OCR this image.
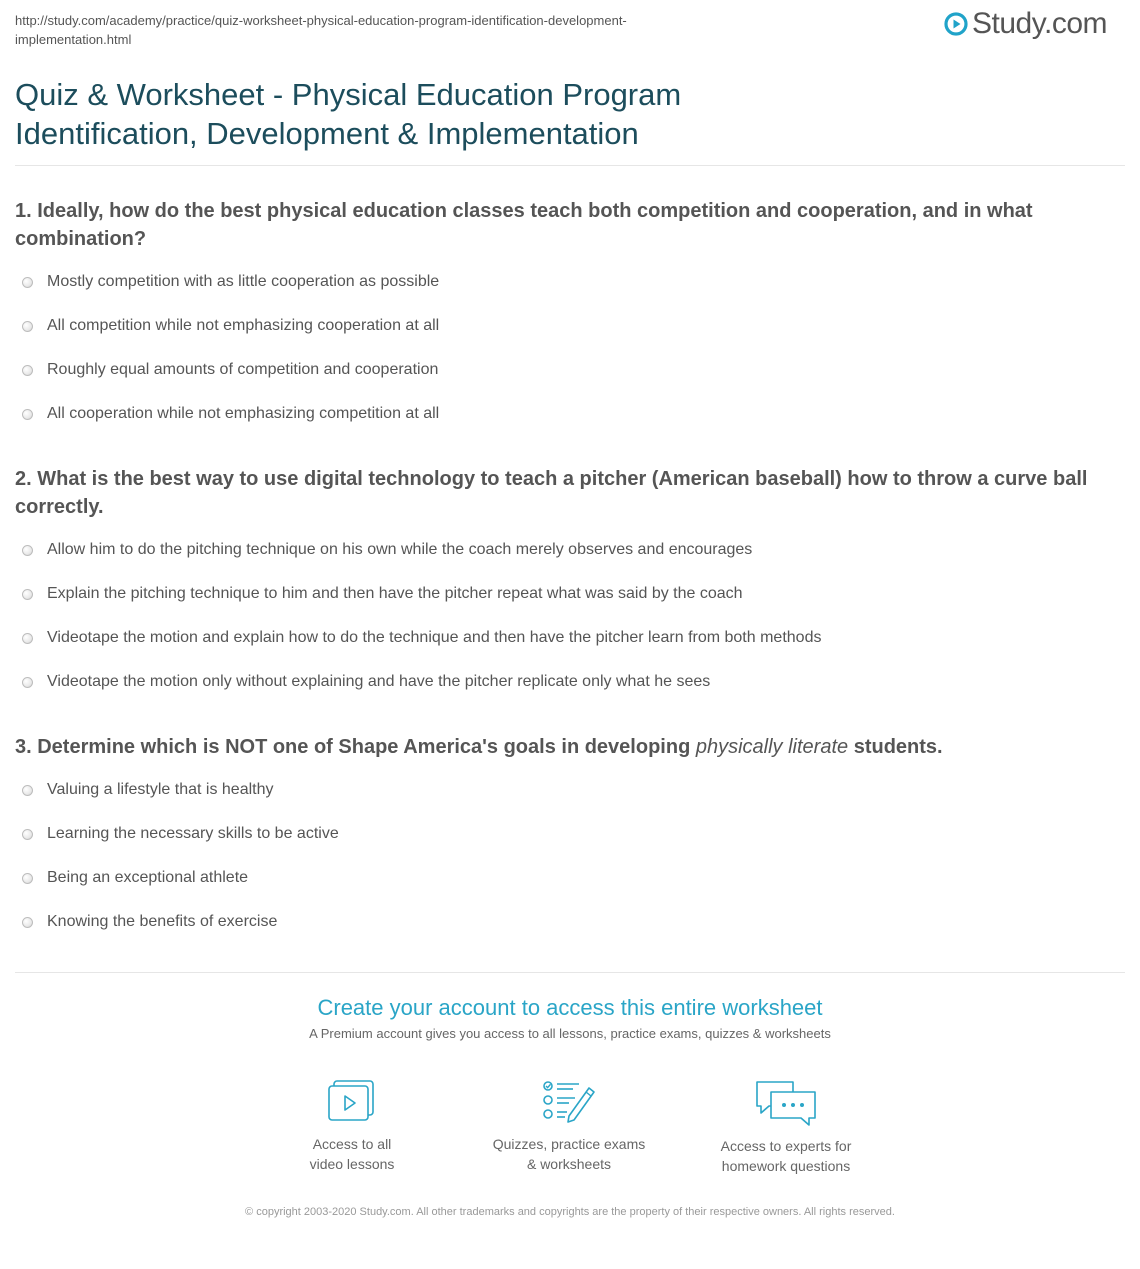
http://study.com/academy/practice/quiz-worksheet-physical-education-program-identification-development-
implementation.html	Study.com
Quiz & Worksheet - Physical Education Program
Identification, Development & Implementation

1. Ideally, how do the best physical education classes teach both competition and cooperation, and in what combination?

Mostly competition with as little cooperation as possible
All competition while not emphasizing cooperation at all
Roughly equal amounts of competition and cooperation
All cooperation while not emphasizing competition at all

2. What is the best way to use digital technology to teach a pitcher (American baseball) how to throw a curve ball correctly.

Allow him to do the pitching technique on his own while the coach merely observes and encourages
Explain the pitching technique to him and then have the pitcher repeat what was said by the coach
Videotape the motion and explain how to do the technique and then have the pitcher learn from both methods
Videotape the motion only without explaining and have the pitcher replicate only what he sees

3. Determine which is NOT one of Shape America's goals in developing physically literate students.

Valuing a lifestyle that is healthy
Learning the necessary skills to be active
Being an exceptional athlete
Knowing the benefits of exercise
Create your account to access this entire worksheet
A Premium account gives you access to all lessons, practice exams, quizzes & worksheets
Access to all
video lessons
Quizzes, practice exams
& worksheets
Access to experts for
homework questions
© copyright 2003-2020 Study.com. All other trademarks and copyrights are the property of their respective owners. All rights reserved.
